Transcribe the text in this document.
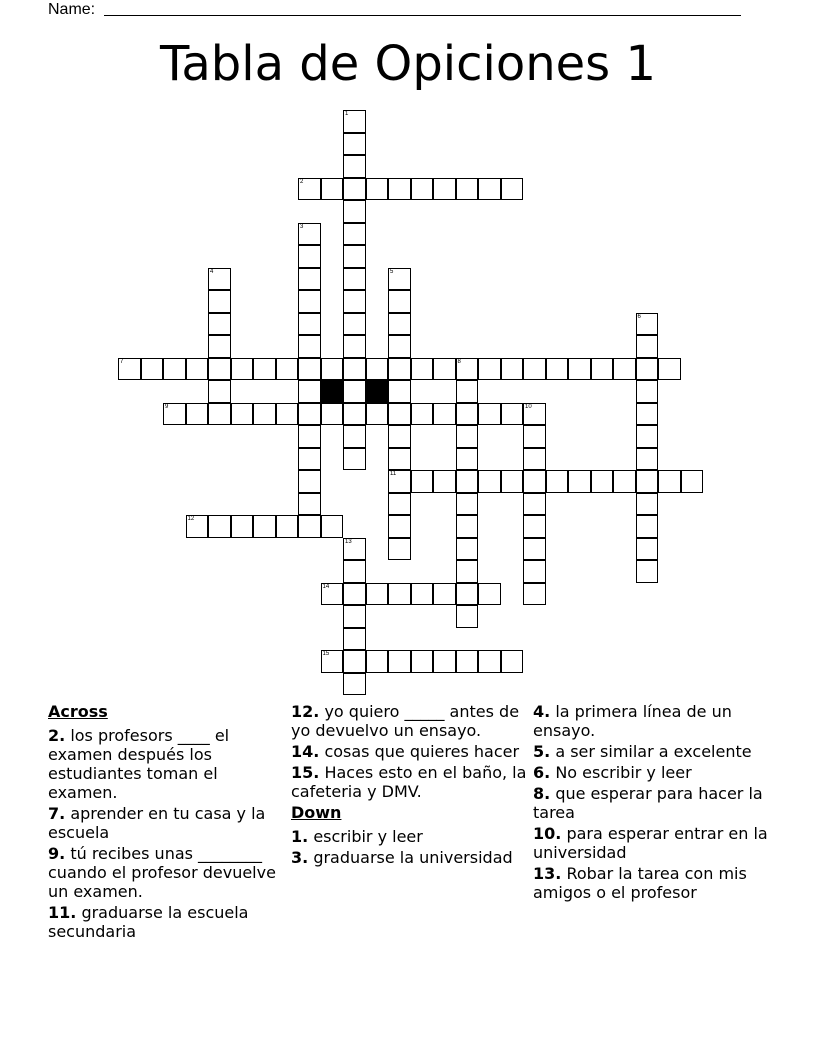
Name:
Tabla de Opiciones 1
1
2
3
4	5
11
6
7	8
9	10
12
13
14
15
Across
2. los profesors ____ el examen después los estudiantes toman el examen.
7. aprender en tu casa y la escuela
9. tú recibes unas ________ cuando el profesor devuelve un examen.
11. graduarse la escuela secundaria
12. yo quiero _____ antes de yo devuelvo un ensayo.
14. cosas que quieres hacer
15. Haces esto en el baño, la cafeteria y DMV.
Down
1. escribir y leer
3. graduarse la universidad
4. la primera línea de un ensayo.
5. a ser similar a excelente
6. No escribir y leer
8. que esperar para hacer la tarea
10. para esperar entrar en la universidad
13. Robar la tarea con mis amigos o el profesor
